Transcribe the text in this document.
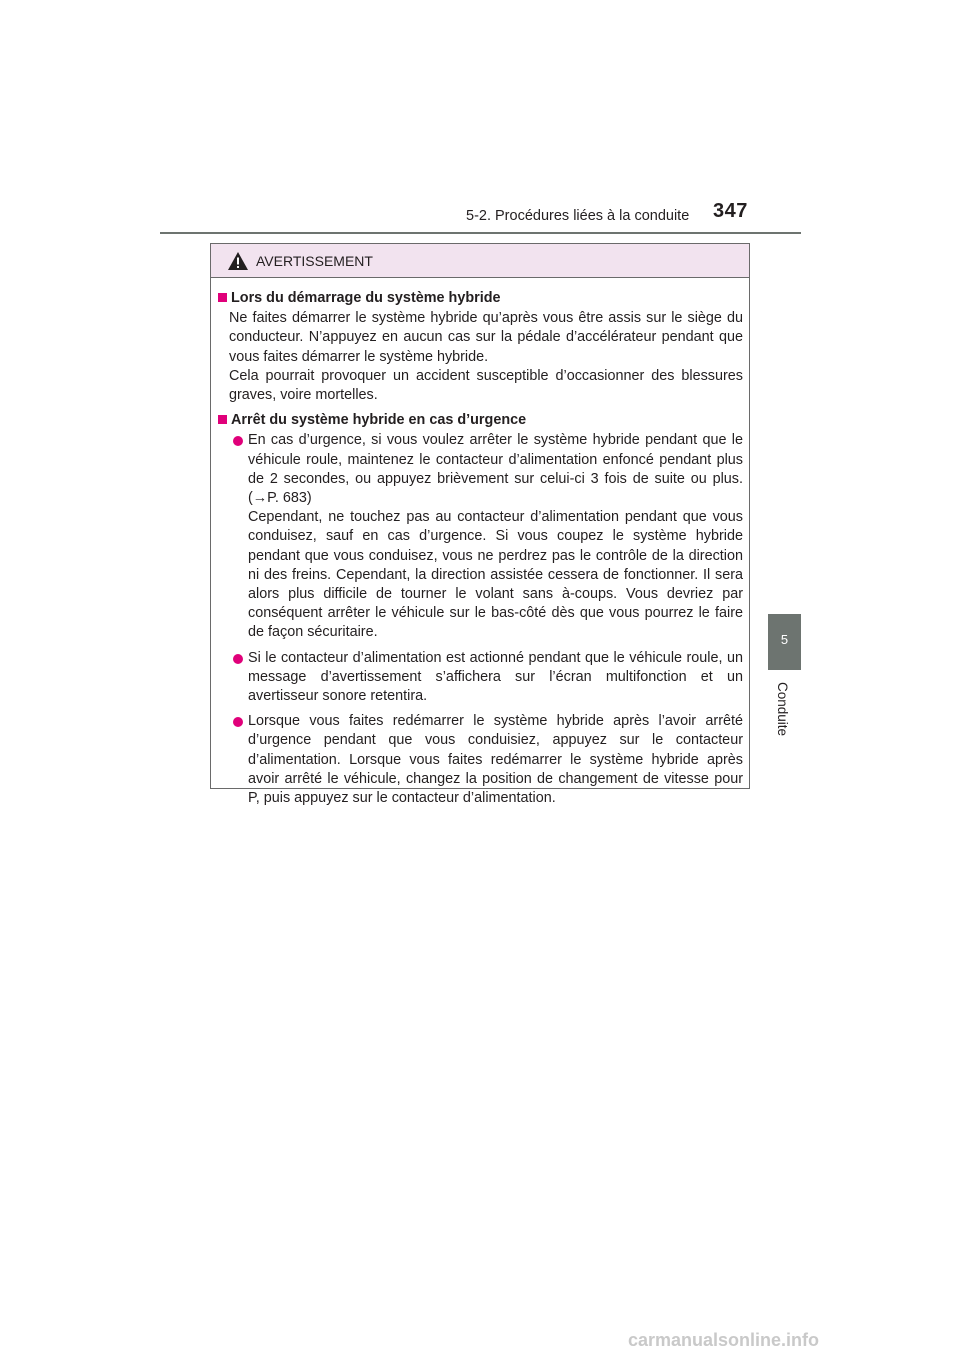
5-2. Procédures liées à la conduite 347
5
Conduite
AVERTISSEMENT
Lors du démarrage du système hybride

Ne faites démarrer le système hybride qu’après vous être assis sur le siège du conducteur. N’appuyez en aucun cas sur la pédale d’accélérateur pendant que vous faites démarrer le système hybride.

Cela pourrait provoquer un accident susceptible d’occasionner des blessures graves, voire mortelles.

Arrêt du système hybride en cas d’urgence

En cas d’urgence, si vous voulez arrêter le système hybride pendant que le véhicule roule, maintenez le contacteur d’alimentation enfoncé pendant plus de 2 secondes, ou appuyez brièvement sur celui-ci 3 fois de suite ou plus. (→P. 683)

Cependant, ne touchez pas au contacteur d’alimentation pendant que vous conduisez, sauf en cas d’urgence. Si vous coupez le système hybride pendant que vous conduisez, vous ne perdrez pas le contrôle de la direction ni des freins. Cependant, la direction assistée cessera de fonctionner. Il sera alors plus difficile de tourner le volant sans à-coups. Vous devriez par conséquent arrêter le véhicule sur le bas-côté dès que vous pourrez le faire de façon sécuritaire.

Si le contacteur d’alimentation est actionné pendant que le véhicule roule, un message d’avertissement s’affichera sur l’écran multifonction et un avertisseur sonore retentira.

Lorsque vous faites redémarrer le système hybride après l’avoir arrêté d’urgence pendant que vous conduisiez, appuyez sur le contacteur d’alimentation. Lorsque vous faites redémarrer le système hybride après avoir arrêté le véhicule, changez la position de changement de vitesse pour P, puis appuyez sur le contacteur d’alimentation.

carmanualsonline.info
